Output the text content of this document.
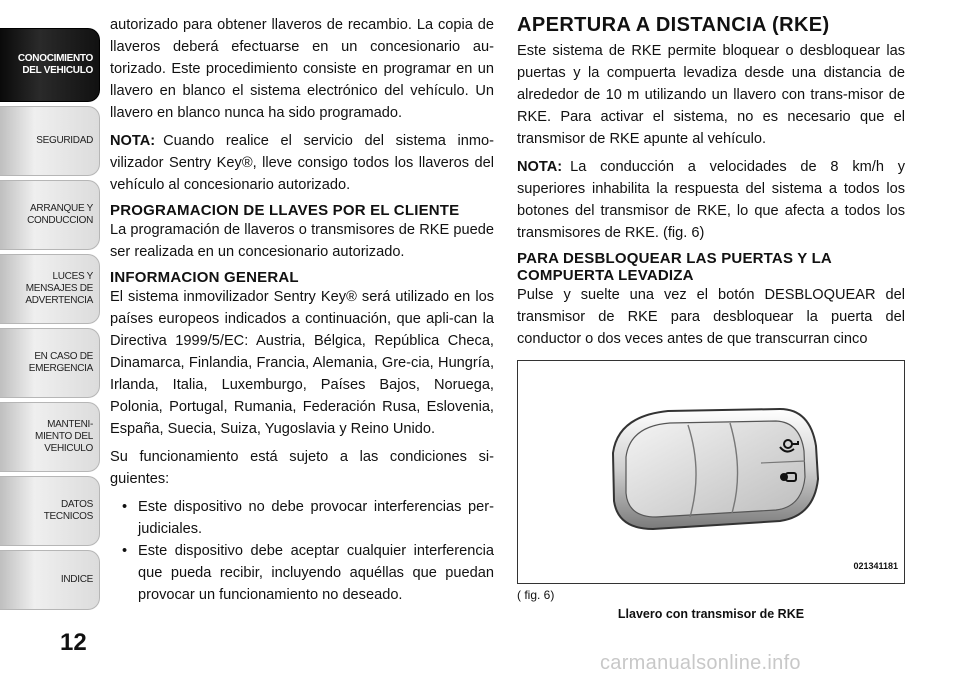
CONOCIMIENTO
DEL VEHICULO
SEGURIDAD
ARRANQUE Y
CONDUCCION
LUCES Y
MENSAJES DE
ADVERTENCIA
EN CASO DE
EMERGENCIA
MANTENI-
MIENTO DEL
VEHICULO
DATOS
TECNICOS
INDICE
12

autorizado para obtener llaveros de recambio. La copia de llaveros deberá efectuarse en un concesionario au-torizado. Este procedimiento consiste en programar en un llavero en blanco el sistema electrónico del vehículo. Un llavero en blanco nunca ha sido programado.

NOTA: Cuando realice el servicio del sistema inmo-vilizador Sentry Key®, lleve consigo todos los llaveros del vehículo al concesionario autorizado.

PROGRAMACION DE LLAVES POR EL CLIENTE

La programación de llaveros o transmisores de RKE puede ser realizada en un concesionario autorizado.

INFORMACION GENERAL

El sistema inmovilizador Sentry Key® será utilizado en los países europeos indicados a continuación, que apli-can la Directiva 1999/5/EC: Austria, Bélgica, República Checa, Dinamarca, Finlandia, Francia, Alemania, Gre-cia, Hungría, Irlanda, Italia, Luxemburgo, Países Bajos, Noruega, Polonia, Portugal, Rumania, Federación Rusa, Eslovenia, España, Suecia, Suiza, Yugoslavia y Reino Unido.

Su funcionamiento está sujeto a las condiciones si-guientes:

• Este dispositivo no debe provocar interferencias per-judiciales.
• Este dispositivo debe aceptar cualquier interferencia que pueda recibir, incluyendo aquéllas que puedan provocar un funcionamiento no deseado.
APERTURA A DISTANCIA (RKE)

Este sistema de RKE permite bloquear o desbloquear las puertas y la compuerta levadiza desde una distancia de alrededor de 10 m utilizando un llavero con trans-misor de RKE. Para activar el sistema, no es necesario que el transmisor de RKE apunte al vehículo.

NOTA: La conducción a velocidades de 8 km/h y superiores inhabilita la respuesta del sistema a todos los botones del transmisor de RKE, lo que afecta a todos los transmisores de RKE. (fig. 6)

PARA DESBLOQUEAR LAS PUERTAS Y LA COMPUERTA LEVADIZA

Pulse y suelte una vez el botón DESBLOQUEAR del transmisor de RKE para desbloquear la puerta del conductor o dos veces antes de que transcurran cinco

021341181
( fig. 6)
Llavero con transmisor de RKE
carmanualsonline.info
